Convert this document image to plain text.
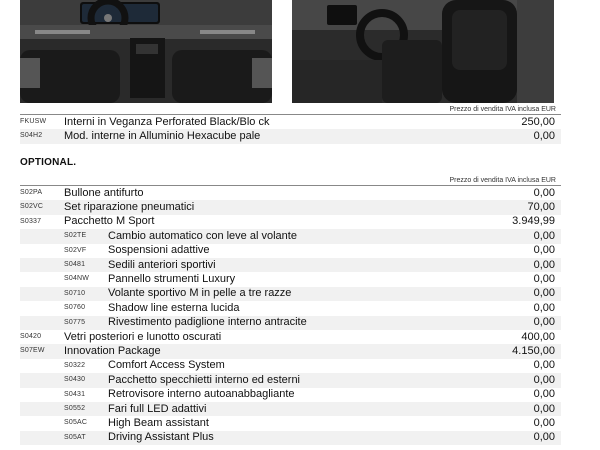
Prezzo di vendita IVA inclusa EUR
FKUSW Interni in Veganza Perforated Black/Blo ck	250,00
S04H2 Mod. interne in Alluminio Hexacube pale	0,00
OPTIONAL.
Prezzo di vendita IVA inclusa EUR
S02PA Bullone antifurto	0,00
S02VC Set riparazione pneumatici	70,00
S0337 Pacchetto M Sport	3.949,99
S02TE Cambio automatico con leve al volante	0,00
S02VF Sospensioni adattive	0,00
S0481 Sedili anteriori sportivi	0,00
S04NW Pannello strumenti Luxury	0,00
S0710 Volante sportivo M in pelle a tre razze	0,00
S0760 Shadow line esterna lucida	0,00
S0775 Rivestimento padiglione interno antracite	0,00
S0420 Vetri posteriori e lunotto oscurati	400,00
S07EW Innovation Package	4.150,00
S0322 Comfort Access System	0,00
S0430 Pacchetto specchietti interno ed esterni	0,00
S0431 Retrovisore interno autoanabbagliante	0,00
S0552 Fari full LED adattivi	0,00
S05AC High Beam assistant	0,00
S05AT Driving Assistant Plus	0,00
